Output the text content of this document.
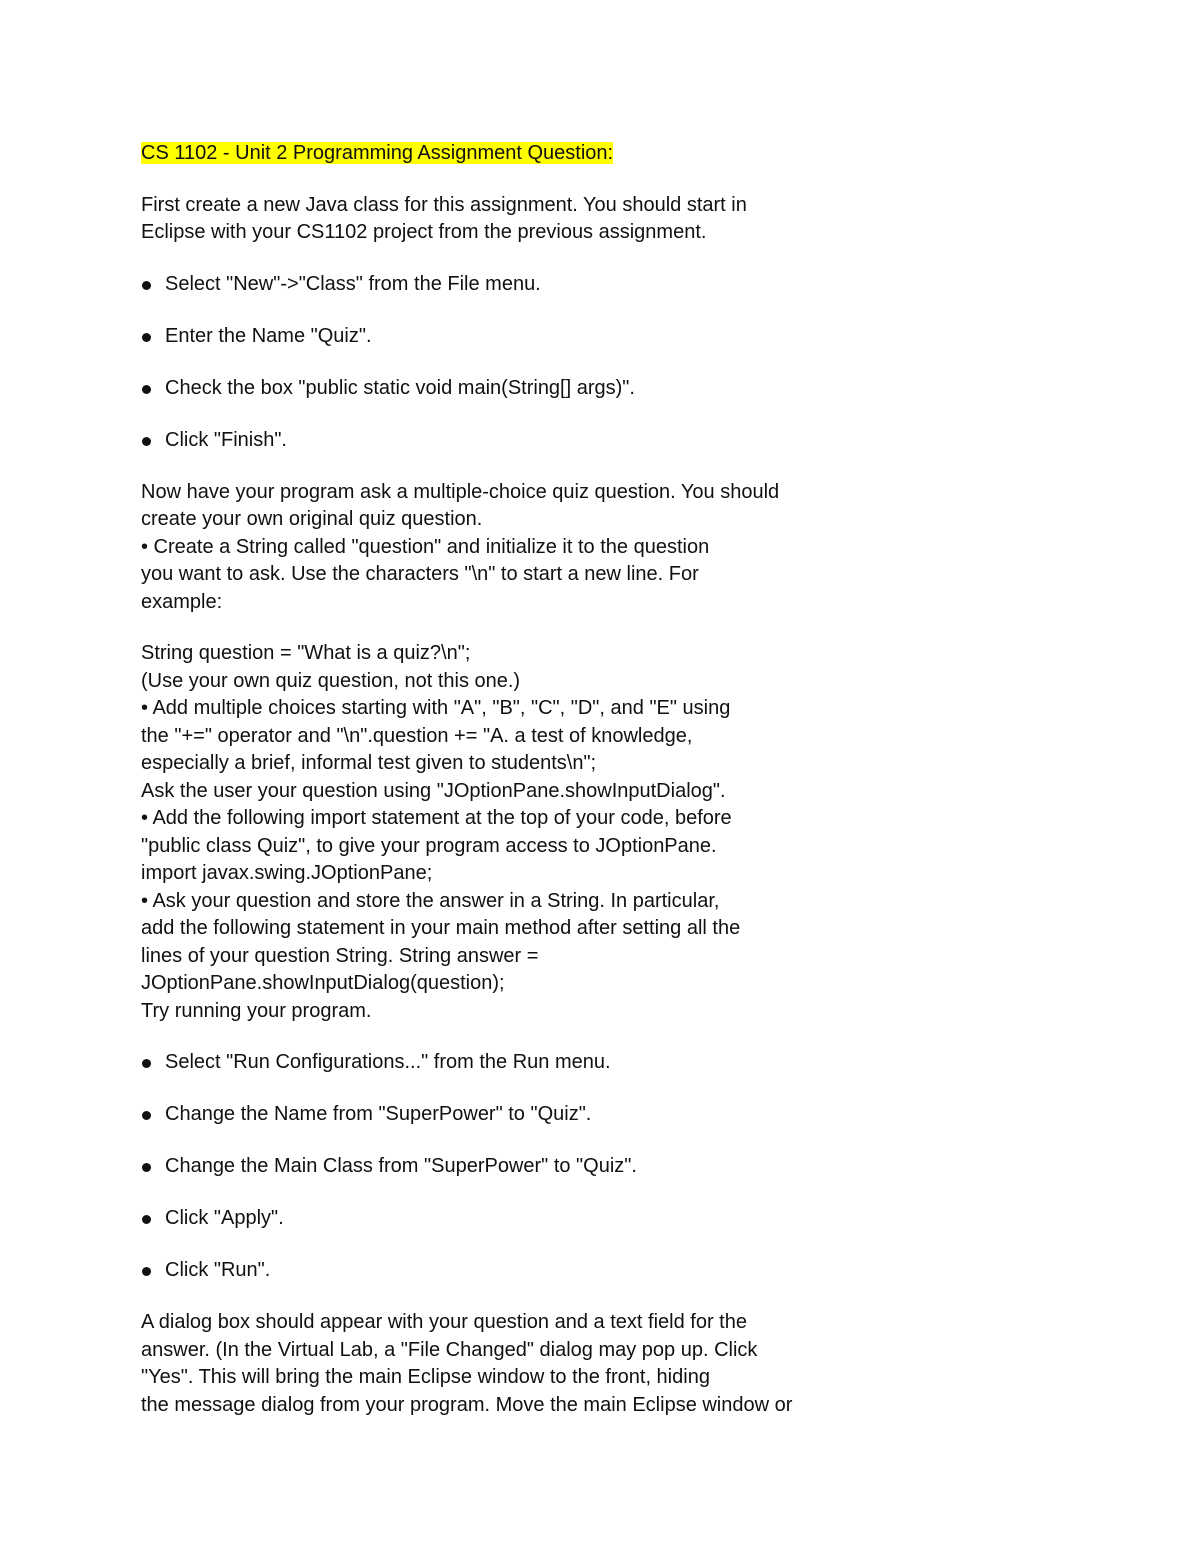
CS 1102 - Unit 2 Programming Assignment Question:

First create a new Java class for this assignment. You should start in

Eclipse with your CS1102 project from the previous assignment.

Select "New"->"Class" from the File menu.
Enter the Name "Quiz".
Check the box "public static void main(String[] args)".
Click "Finish".

Now have your program ask a multiple-choice quiz question. You should

create your own original quiz question.

• Create a String called "question" and initialize it to the question

you want to ask. Use the characters "\n" to start a new line. For

example:

String question = "What is a quiz?\n";

(Use your own quiz question, not this one.)

• Add multiple choices starting with "A", "B", "C", "D", and "E" using

the "+=" operator and "\n".question += "A. a test of knowledge,

especially a brief, informal test given to students\n";

Ask the user your question using "JOptionPane.showInputDialog".

• Add the following import statement at the top of your code, before

"public class Quiz", to give your program access to JOptionPane.

import javax.swing.JOptionPane;

• Ask your question and store the answer in a String. In particular,

add the following statement in your main method after setting all the

lines of your question String. String answer =

JOptionPane.showInputDialog(question);

Try running your program.

Select "Run Configurations..." from the Run menu.
Change the Name from "SuperPower" to "Quiz".
Change the Main Class from "SuperPower" to "Quiz".
Click "Apply".
Click "Run".

A dialog box should appear with your question and a text field for the

answer. (In the Virtual Lab, a "File Changed" dialog may pop up. Click

"Yes". This will bring the main Eclipse window to the front, hiding

the message dialog from your program. Move the main Eclipse window or
